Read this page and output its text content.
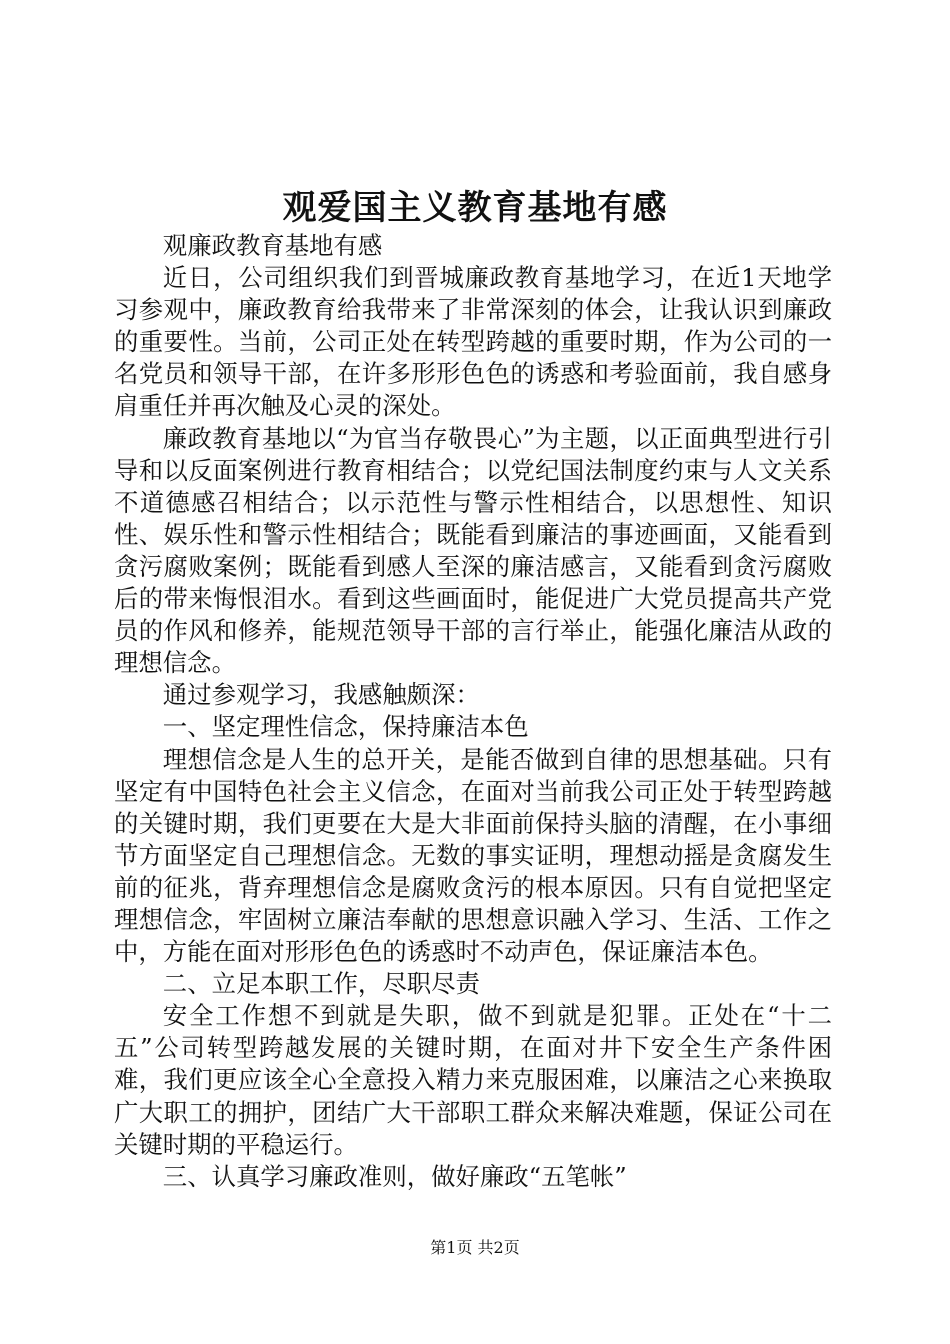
观爱国主义教育基地有感

观廉政教育基地有感

近日，公司组织我们到晋城廉政教育基地学习，在近1天地学习参观中，廉政教育给我带来了非常深刻的体会，让我认识到廉政的重要性。当前，公司正处在转型跨越的重要时期，作为公司的一名党员和领导干部，在许多形形色色的诱惑和考验面前，我自感身肩重任并再次触及心灵的深处。

廉政教育基地以“为官当存敬畏心”为主题，以正面典型进行引导和以反面案例进行教育相结合；以党纪国法制度约束与人文关系不道德感召相结合；以示范性与警示性相结合，以思想性、知识性、娱乐性和警示性相结合；既能看到廉洁的事迹画面，又能看到贪污腐败案例；既能看到感人至深的廉洁感言，又能看到贪污腐败后的带来悔恨泪水。看到这些画面时，能促进广大党员提高共产党员的作风和修养，能规范领导干部的言行举止，能强化廉洁从政的理想信念。

通过参观学习，我感触颇深：

一、坚定理性信念，保持廉洁本色

理想信念是人生的总开关，是能否做到自律的思想基础。只有坚定有中国特色社会主义信念，在面对当前我公司正处于转型跨越的关键时期，我们更要在大是大非面前保持头脑的清醒，在小事细节方面坚定自己理想信念。无数的事实证明，理想动摇是贪腐发生前的征兆，背弃理想信念是腐败贪污的根本原因。只有自觉把坚定理想信念，牢固树立廉洁奉献的思想意识融入学习、生活、工作之中，方能在面对形形色色的诱惑时不动声色，保证廉洁本色。

二、立足本职工作，尽职尽责

安全工作想不到就是失职，做不到就是犯罪。正处在“十二五”公司转型跨越发展的关键时期，在面对井下安全生产条件困难，我们更应该全心全意投入精力来克服困难，以廉洁之心来换取广大职工的拥护，团结广大干部职工群众来解决难题，保证公司在关键时期的平稳运行。

三、认真学习廉政准则，做好廉政“五笔帐”

第1页 共2页
